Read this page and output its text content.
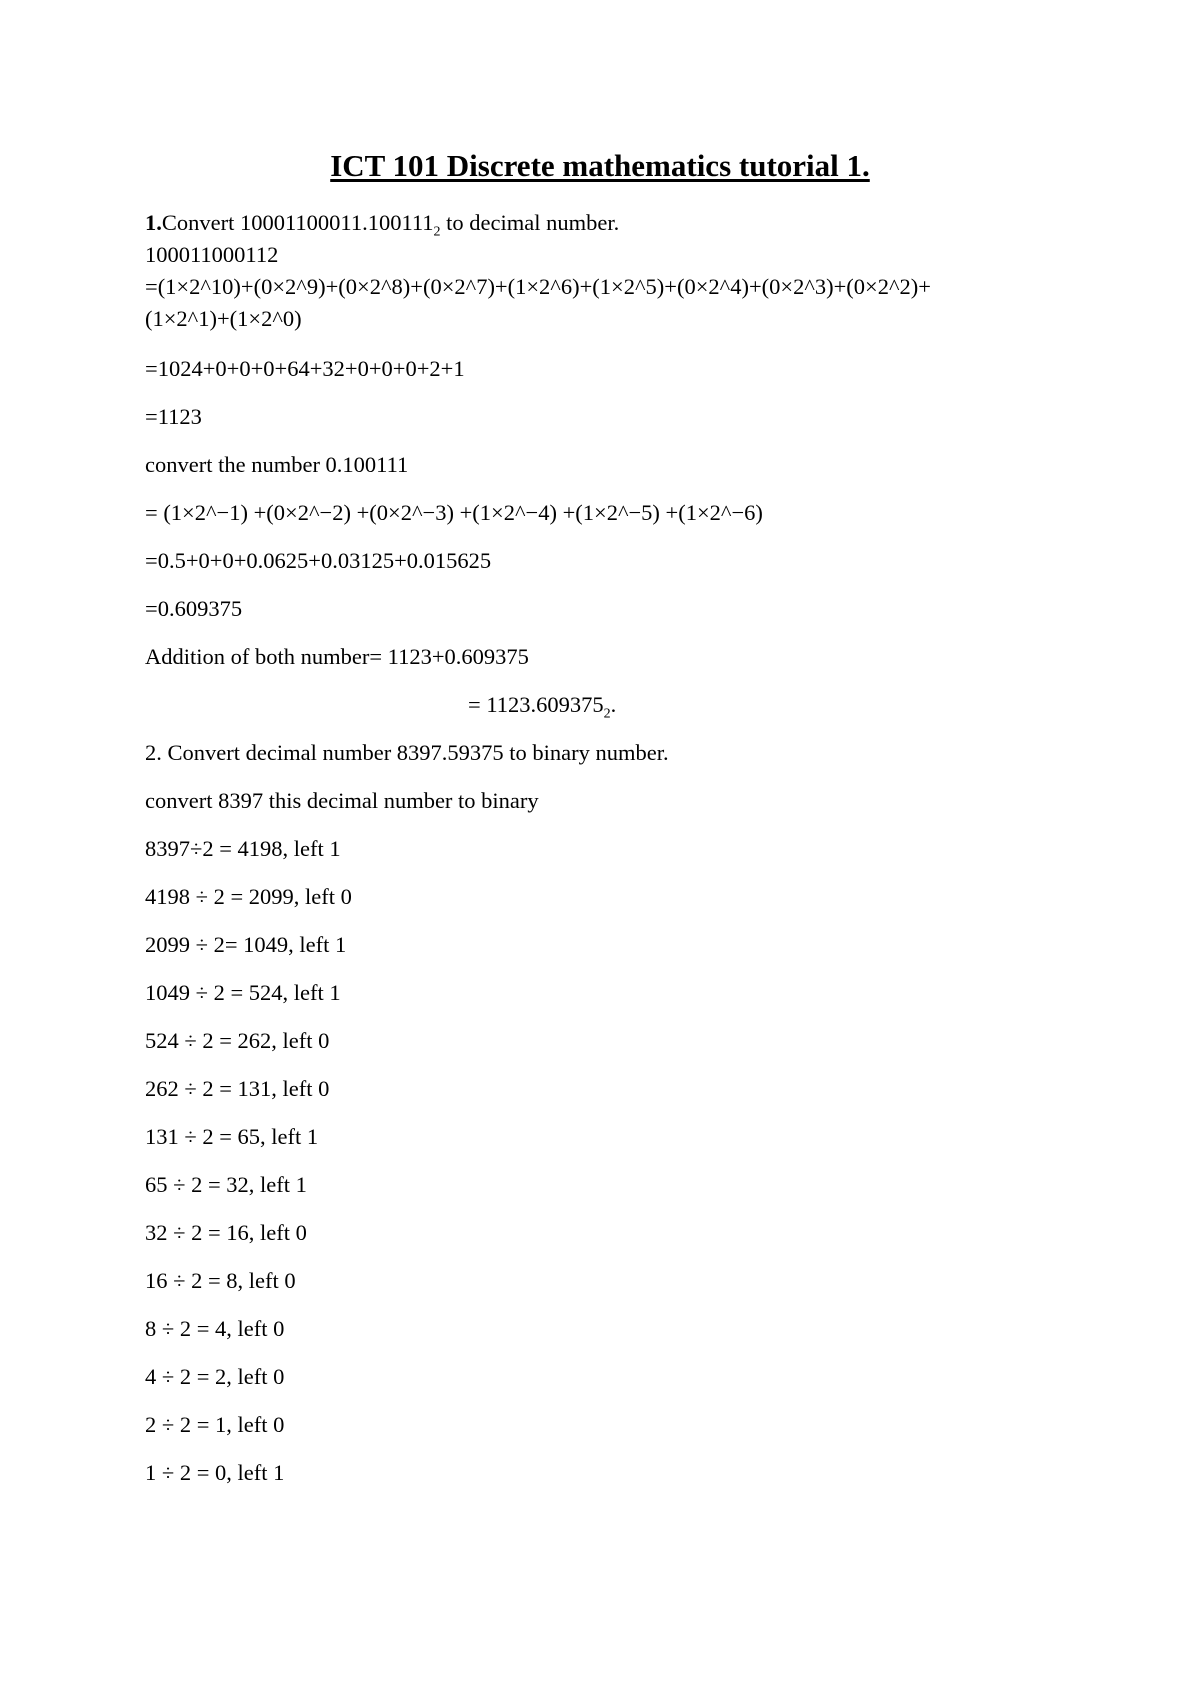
ICT 101 Discrete mathematics tutorial 1.
1.Convert $10001100011.100111_2$ to decimal number.
100011000112
=(1×2^10)+(0×2^9)+(0×2^8)+(0×2^7)+(1×2^6)+(1×2^5)+(0×2^4)+(0×2^3)+(0×2^2)+
(1×2^1)+(1×2^0)
=1024+0+0+0+64+32+0+0+0+2+1
=1123
convert the number 0.100111
= (1×2^−1) +(0×2^−2) +(0×2^−3) +(1×2^−4) +(1×2^−5) +(1×2^−6)
=0.5+0+0+0.0625+0.03125+0.015625
=0.609375
Addition of both number= 1123+0.609375
= $1123.609375_2$.
2. Convert decimal number 8397.59375 to binary number.
convert 8397 this decimal number to binary
8397÷2 = 4198, left 1
4198 ÷ 2 = 2099, left 0
2099 ÷ 2= 1049, left 1
1049 ÷ 2 = 524, left 1
524 ÷ 2 = 262, left 0
262 ÷ 2 = 131, left 0
131 ÷ 2 = 65, left 1
65 ÷ 2 = 32, left 1
32 ÷ 2 = 16, left 0
16 ÷ 2 = 8, left 0
8 ÷ 2 = 4, left 0
4 ÷ 2 = 2, left 0
2 ÷ 2 = 1, left 0
1 ÷ 2 = 0, left 1
